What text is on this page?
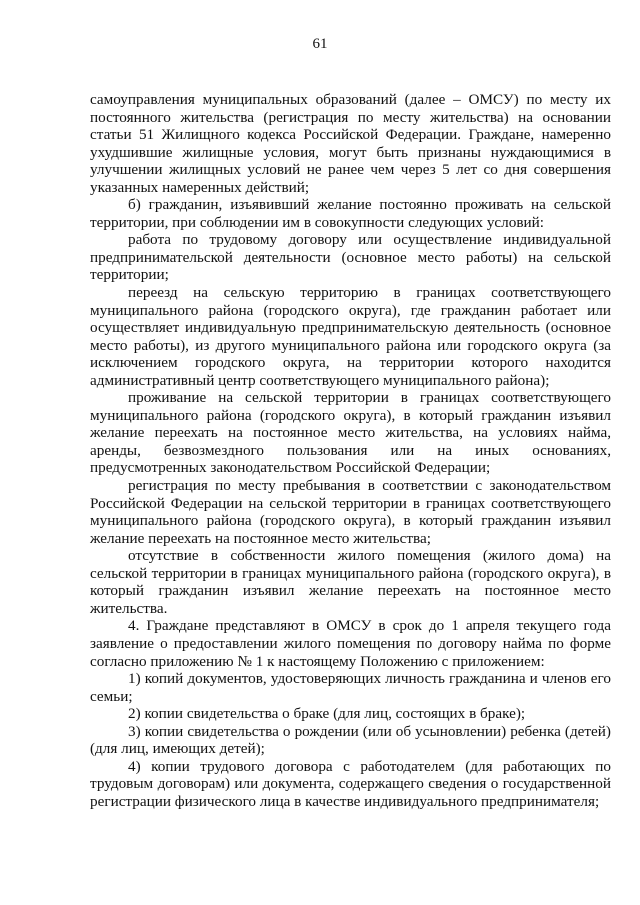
61

самоуправления муниципальных образований (далее – ОМСУ) по месту их постоянного жительства (регистрация по месту жительства) на основании статьи 51 Жилищного кодекса Российской Федерации. Граждане, намеренно ухудшившие жилищные условия, могут быть признаны нуждающимися в улучшении жилищных условий не ранее чем через 5 лет со дня совершения указанных намеренных действий;

б) гражданин, изъявивший желание постоянно проживать на сельской территории, при соблюдении им в совокупности следующих условий:

работа по трудовому договору или осуществление индивидуальной предпринимательской деятельности (основное место работы) на сельской территории;

переезд на сельскую территорию в границах соответствующего муниципального района (городского округа), где гражданин работает или осуществляет индивидуальную предпринимательскую деятельность (основное место работы), из другого муниципального района или городского округа (за исключением городского округа, на территории которого находится административный центр соответствующего муниципального района);

проживание на сельской территории в границах соответствующего муниципального района (городского округа), в который гражданин изъявил желание переехать на постоянное место жительства, на условиях найма, аренды, безвозмездного пользования или на иных основаниях, предусмотренных законодательством Российской Федерации;

регистрация по месту пребывания в соответствии с законодательством Российской Федерации на сельской территории в границах соответствующего муниципального района (городского округа), в который гражданин изъявил желание переехать на постоянное место жительства;

отсутствие в собственности жилого помещения (жилого дома) на сельской территории в границах муниципального района (городского округа), в который гражданин изъявил желание переехать на постоянное место жительства.

4. Граждане представляют в ОМСУ в срок до 1 апреля текущего года заявление о предоставлении жилого помещения по договору найма по форме согласно приложению № 1 к настоящему Положению с приложением:

1) копий документов, удостоверяющих личность гражданина и членов его семьи;

2) копии свидетельства о браке (для лиц, состоящих в браке);

3) копии свидетельства о рождении (или об усыновлении) ребенка (детей) (для лиц, имеющих детей);

4) копии трудового договора с работодателем (для работающих по трудовым договорам) или документа, содержащего сведения о государственной регистрации физического лица в качестве индивидуального предпринимателя;
